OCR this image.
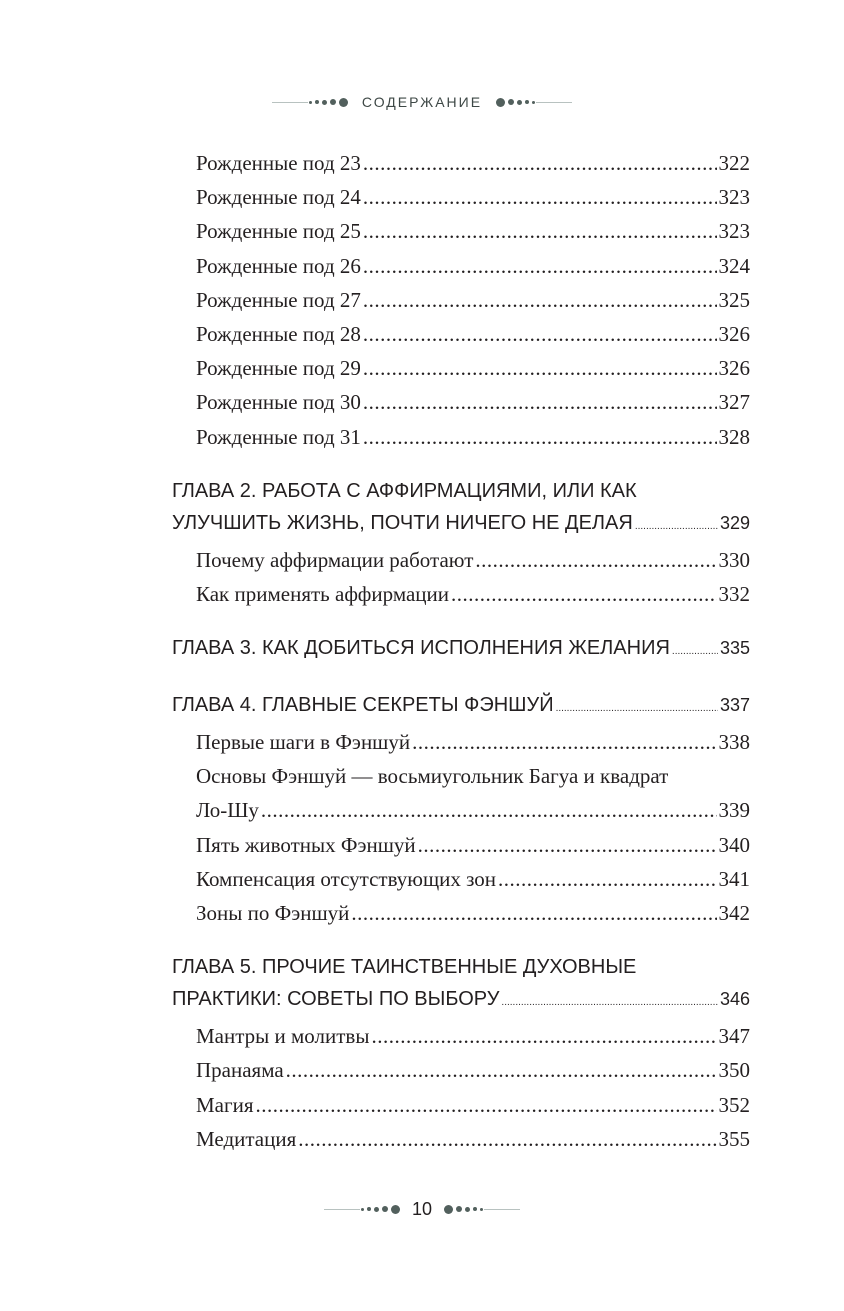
СОДЕРЖАНИЕ
Рожденные под 23 .....	322
Рожденные под 24 .....	323
Рожденные под 25 .....	323
Рожденные под 26 .....	324
Рожденные под 27 .....	325
Рожденные под 28 .....	326
Рожденные под 29 .....	326
Рожденные под 30 .....	327
Рожденные под 31 .....	328
ГЛАВА 2. РАБОТА С АФФИРМАЦИЯМИ, ИЛИ КАК
УЛУЧШИТЬ ЖИЗНЬ, ПОЧТИ НИЧЕГО НЕ ДЕЛАЯ .....	329
Почему аффирмации работают .....	330
Как применять аффирмации .....	332
ГЛАВА 3. КАК ДОБИТЬСЯ ИСПОЛНЕНИЯ ЖЕЛАНИЯ .....	335
ГЛАВА 4. ГЛАВНЫЕ СЕКРЕТЫ ФЭНШУЙ .....	337
Первые шаги в Фэншуй .....	338
Основы Фэншуй — восьмиугольник Багуа и квадрат
Ло-Шу .....	339
Пять животных Фэншуй .....	340
Компенсация отсутствующих зон .....	341
Зоны по Фэншуй .....	342
ГЛАВА 5. ПРОЧИЕ ТАИНСТВЕННЫЕ ДУХОВНЫЕ
ПРАКТИКИ: СОВЕТЫ ПО ВЫБОРУ .....	346
Мантры и молитвы .....	347
Пранаяма .....	350
Магия .....	352
Медитация .....	355
10
